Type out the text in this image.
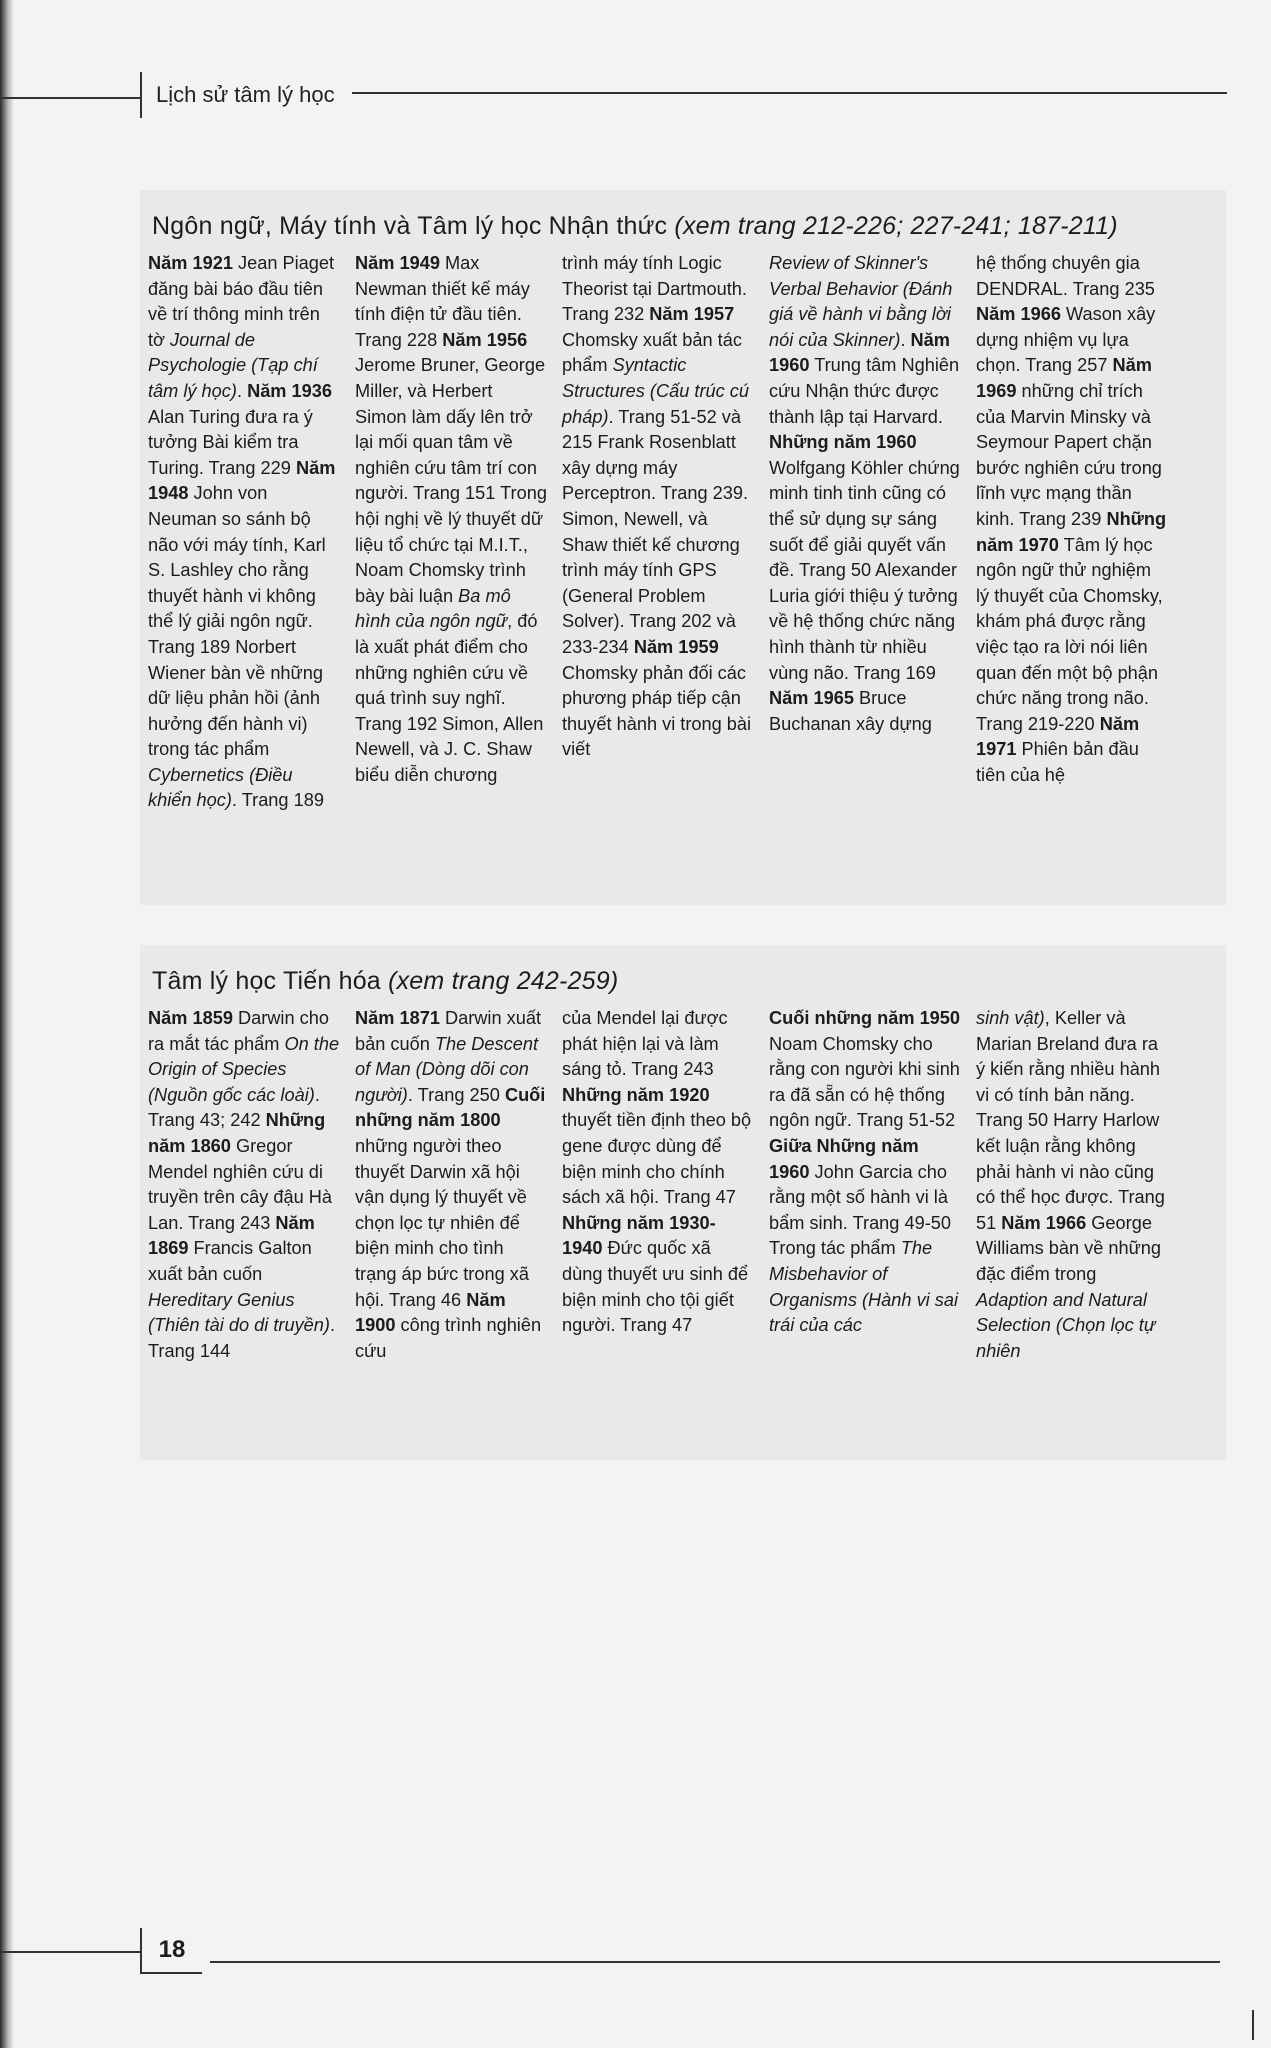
Lịch sử tâm lý học
Ngôn ngữ, Máy tính và Tâm lý học Nhận thức (xem trang 212-226; 227-241; 187-211)
Năm 1921 Jean Piaget đăng bài báo đầu tiên về trí thông minh trên tờ Journal de Psychologie (Tạp chí tâm lý học). Năm 1936 Alan Turing đưa ra ý tưởng Bài kiểm tra Turing. Trang 229 Năm 1948 John von Neuman so sánh bộ não với máy tính, Karl S. Lashley cho rằng thuyết hành vi không thể lý giải ngôn ngữ. Trang 189 Norbert Wiener bàn về những dữ liệu phản hồi (ảnh hưởng đến hành vi) trong tác phẩm Cybernetics (Điều khiển học). Trang 189
Năm 1949 Max Newman thiết kế máy tính điện tử đầu tiên. Trang 228 Năm 1956 Jerome Bruner, George Miller, và Herbert Simon làm dấy lên trở lại mối quan tâm về nghiên cứu tâm trí con người. Trang 151 Trong hội nghị về lý thuyết dữ liệu tổ chức tại M.I.T., Noam Chomsky trình bày bài luận Ba mô hình của ngôn ngữ, đó là xuất phát điểm cho những nghiên cứu về quá trình suy nghĩ. Trang 192 Simon, Allen Newell, và J. C. Shaw biểu diễn chương
trình máy tính Logic Theorist tại Dartmouth. Trang 232 Năm 1957 Chomsky xuất bản tác phẩm Syntactic Structures (Cấu trúc cú pháp). Trang 51-52 và 215 Frank Rosenblatt xây dựng máy Perceptron. Trang 239. Simon, Newell, và Shaw thiết kế chương trình máy tính GPS (General Problem Solver). Trang 202 và 233-234 Năm 1959 Chomsky phản đối các phương pháp tiếp cận thuyết hành vi trong bài viết
Review of Skinner's Verbal Behavior (Đánh giá về hành vi bằng lời nói của Skinner). Năm 1960 Trung tâm Nghiên cứu Nhận thức được thành lập tại Harvard. Những năm 1960 Wolfgang Köhler chứng minh tinh tinh cũng có thể sử dụng sự sáng suốt để giải quyết vấn đề. Trang 50 Alexander Luria giới thiệu ý tưởng về hệ thống chức năng hình thành từ nhiều vùng não. Trang 169 Năm 1965 Bruce Buchanan xây dựng
hệ thống chuyên gia DENDRAL. Trang 235 Năm 1966 Wason xây dựng nhiệm vụ lựa chọn. Trang 257 Năm 1969 những chỉ trích của Marvin Minsky và Seymour Papert chặn bước nghiên cứu trong lĩnh vực mạng thần kinh. Trang 239 Những năm 1970 Tâm lý học ngôn ngữ thử nghiệm lý thuyết của Chomsky, khám phá được rằng việc tạo ra lời nói liên quan đến một bộ phận chức năng trong não. Trang 219-220 Năm 1971 Phiên bản đầu tiên của hệ
Tâm lý học Tiến hóa (xem trang 242-259)
Năm 1859 Darwin cho ra mắt tác phẩm On the Origin of Species (Nguồn gốc các loài). Trang 43; 242 Những năm 1860 Gregor Mendel nghiên cứu di truyền trên cây đậu Hà Lan. Trang 243 Năm 1869 Francis Galton xuất bản cuốn Hereditary Genius (Thiên tài do di truyền). Trang 144
Năm 1871 Darwin xuất bản cuốn The Descent of Man (Dòng dõi con người). Trang 250 Cuối những năm 1800 những người theo thuyết Darwin xã hội vận dụng lý thuyết về chọn lọc tự nhiên để biện minh cho tình trạng áp bức trong xã hội. Trang 46 Năm 1900 công trình nghiên cứu
của Mendel lại được phát hiện lại và làm sáng tỏ. Trang 243 Những năm 1920 thuyết tiền định theo bộ gene được dùng để biện minh cho chính sách xã hội. Trang 47 Những năm 1930-1940 Đức quốc xã dùng thuyết ưu sinh để biện minh cho tội giết người. Trang 47
Cuối những năm 1950 Noam Chomsky cho rằng con người khi sinh ra đã sẵn có hệ thống ngôn ngữ. Trang 51-52 Giữa Những năm 1960 John Garcia cho rằng một số hành vi là bẩm sinh. Trang 49-50 Trong tác phẩm The Misbehavior of Organisms (Hành vi sai trái của các
sinh vật), Keller và Marian Breland đưa ra ý kiến rằng nhiều hành vi có tính bản năng. Trang 50 Harry Harlow kết luận rằng không phải hành vi nào cũng có thể học được. Trang 51 Năm 1966 George Williams bàn về những đặc điểm trong Adaption and Natural Selection (Chọn lọc tự nhiên
18
